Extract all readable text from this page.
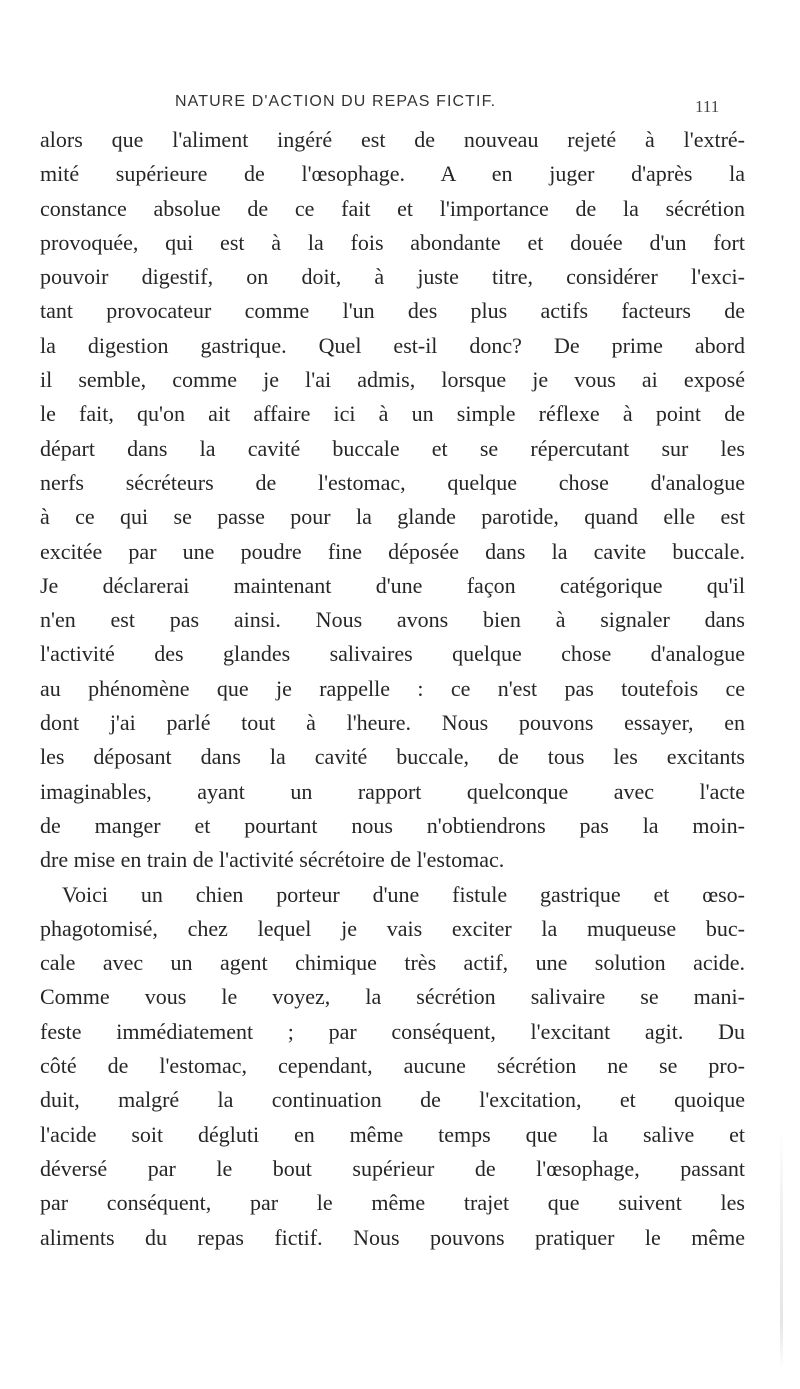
NATURE D'ACTION DU REPAS FICTIF.	111
alors que l'aliment ingéré est de nouveau rejeté à l'extré-
mité supérieure de l'œsophage. A en juger d'après la
constance absolue de ce fait et l'importance de la sécrétion
provoquée, qui est à la fois abondante et douée d'un fort
pouvoir digestif, on doit, à juste titre, considérer l'exci-
tant provocateur comme l'un des plus actifs facteurs de
la digestion gastrique. Quel est-il donc? De prime abord
il semble, comme je l'ai admis, lorsque je vous ai exposé
le fait, qu'on ait affaire ici à un simple réflexe à point de
départ dans la cavité buccale et se répercutant sur les
nerfs sécréteurs de l'estomac, quelque chose d'analogue
à ce qui se passe pour la glande parotide, quand elle est
excitée par une poudre fine déposée dans la cavite buccale.
Je déclarerai maintenant d'une façon catégorique qu'il
n'en est pas ainsi. Nous avons bien à signaler dans
l'activité des glandes salivaires quelque chose d'analogue
au phénomène que je rappelle : ce n'est pas toutefois ce
dont j'ai parlé tout à l'heure. Nous pouvons essayer, en
les déposant dans la cavité buccale, de tous les excitants
imaginables, ayant un rapport quelconque avec l'acte
de manger et pourtant nous n'obtiendrons pas la moin-
dre mise en train de l'activité sécrétoire de l'estomac.
Voici un chien porteur d'une fistule gastrique et œso-
phagotomisé, chez lequel je vais exciter la muqueuse buc-
cale avec un agent chimique très actif, une solution acide.
Comme vous le voyez, la sécrétion salivaire se mani-
feste immédiatement ; par conséquent, l'excitant agit. Du
côté de l'estomac, cependant, aucune sécrétion ne se pro-
duit, malgré la continuation de l'excitation, et quoique
l'acide soit dégluti en même temps que la salive et
déversé par le bout supérieur de l'œsophage, passant
par conséquent, par le même trajet que suivent les
aliments du repas fictif. Nous pouvons pratiquer le même
